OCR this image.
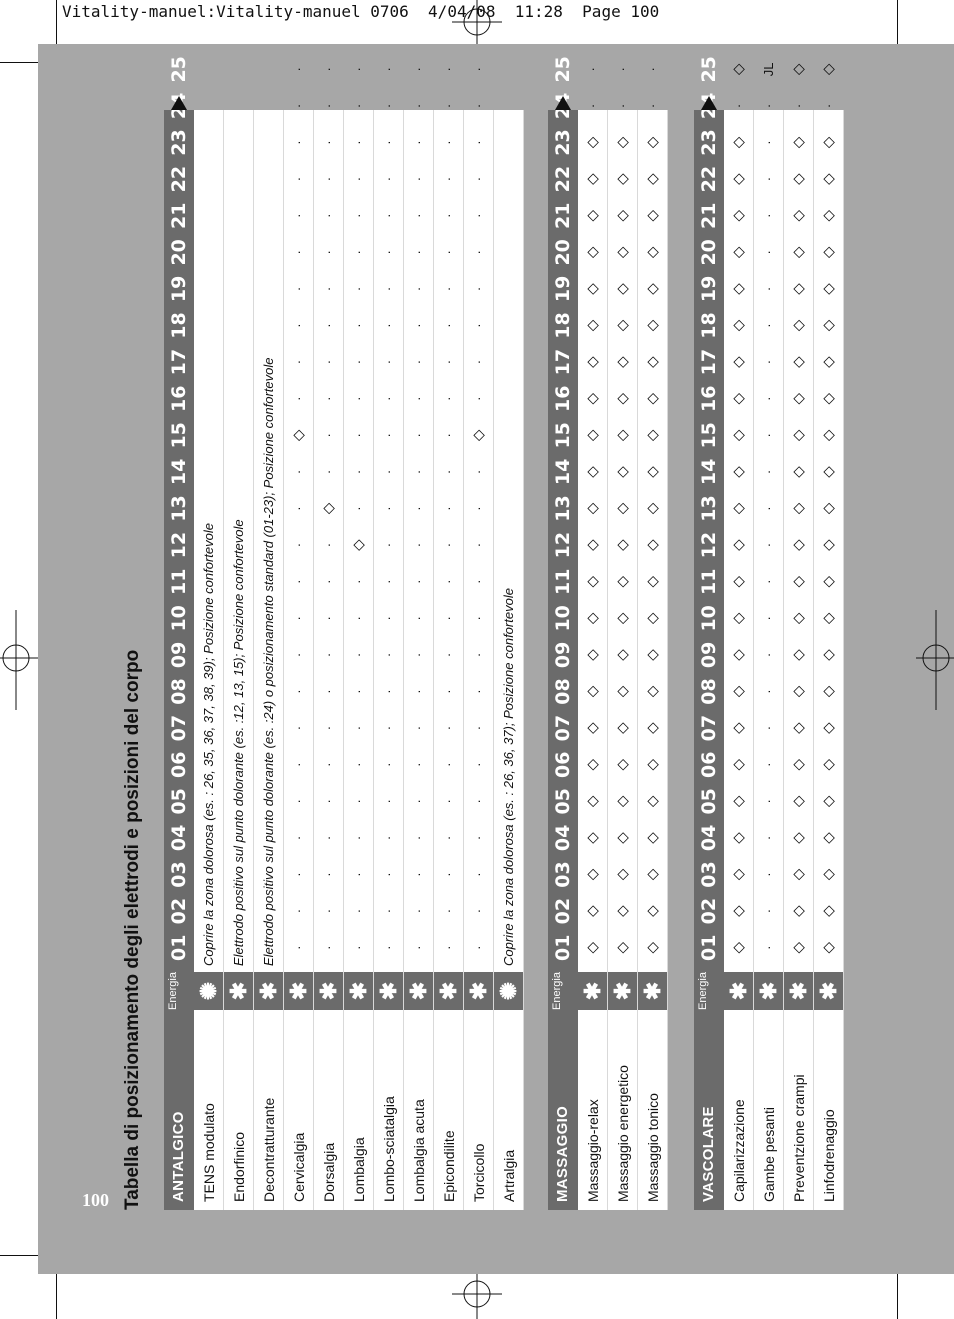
Vitality-manuel:Vitality-manuel 0706  4/04/08  11:28  Page 100
100 Tabella di posizionamento degli elettrodi e posizioni del corpo	ANTALGICO
Energia
01
02
03
04
05
06
07
08
09
10
11
12
13
14
15
16
17
18
19
20
21
22
23
24
25
TENS modulato
✺
Coprire la zona dolorosa (es. : 26, 35, 36, 37, 38, 39); Posizione confortevole
Endorfinico
✱
Elettrodo positivo sul punto dolorante (es. :12, 13, 15); Posizione confortevole
Decontratturante
✱
Elettrodo positivo sul punto dolorante (es. :24) o posizionamento standard (01-23); Posizione confortevole
Cervicalgia
✱
·
·
·
·
·
·
·
·
·
·
·
·
·
·
◇
·
·
·
·
·
·
·
·
·
·
Dorsalgia
✱
·
·
·
·
·
·
·
·
·
·
·
·
◇
·
·
·
·
·
·
·
·
·
·
·
·
Lombalgia
✱
·
·
·
·
·
·
·
·
·
·
·
◇
·
·
·
·
·
·
·
·
·
·
·
·
·
Lombo-sciatalgia
✱
·
·
·
·
·
·
·
·
·
·
·
·
·
·
·
·
·
·
·
·
·
·
·
·
·
Lombalgia acuta
✱
·
·
·
·
·
·
·
·
·
·
·
·
·
·
·
·
·
·
·
·
·
·
·
·
·
Epicondilite
✱
·
·
·
·
·
·
·
·
·
·
·
·
·
·
·
·
·
·
·
·
·
·
·
·
·
Torcicollo
✱
·
·
·
·
·
·
·
·
·
·
·
·
·
·
◇
·
·
·
·
·
·
·
·
·
·
Artralgia
✺
Coprire la zona dolorosa (es. : 26, 36, 37); Posizione confortevole
MASSAGGIO
Energia
01
02
03
04
05
06
07
08
09
10
11
12
13
14
15
16
17
18
19
20
21
22
23
24
25
Massaggio-relax
✱
◇
◇
◇
◇
◇
◇
◇
◇
◇
◇
◇
◇
◇
◇
◇
◇
◇
◇
◇
◇
◇
◇
◇
·
·
Massaggio energetico
✱
◇
◇
◇
◇
◇
◇
◇
◇
◇
◇
◇
◇
◇
◇
◇
◇
◇
◇
◇
◇
◇
◇
◇
·
·
Massaggio tonico
✱
◇
◇
◇
◇
◇
◇
◇
◇
◇
◇
◇
◇
◇
◇
◇
◇
◇
◇
◇
◇
◇
◇
◇
·
·
VASCOLARE
Energia
01
02
03
04
05
06
07
08
09
10
11
12
13
14
15
16
17
18
19
20
21
22
23
24
25
Capilarizzazione
✱
◇
◇
◇
◇
◇
◇
◇
◇
◇
◇
◇
◇
◇
◇
◇
◇
◇
◇
◇
◇
◇
◇
◇
·
◇
Gambe pesanti
✱
·
·
·
·
·
·
·
·
·
·
·
·
·
·
·
·
·
·
·
·
·
·
·
·
JL
Preventzione crampi
✱
◇
◇
◇
◇
◇
◇
◇
◇
◇
◇
◇
◇
◇
◇
◇
◇
◇
◇
◇
◇
◇
◇
◇
·
◇
Linfodrenaggio
✱
◇
◇
◇
◇
◇
◇
◇
◇
◇
◇
◇
◇
◇
◇
◇
◇
◇
◇
◇
◇
◇
◇
◇
·
◇
